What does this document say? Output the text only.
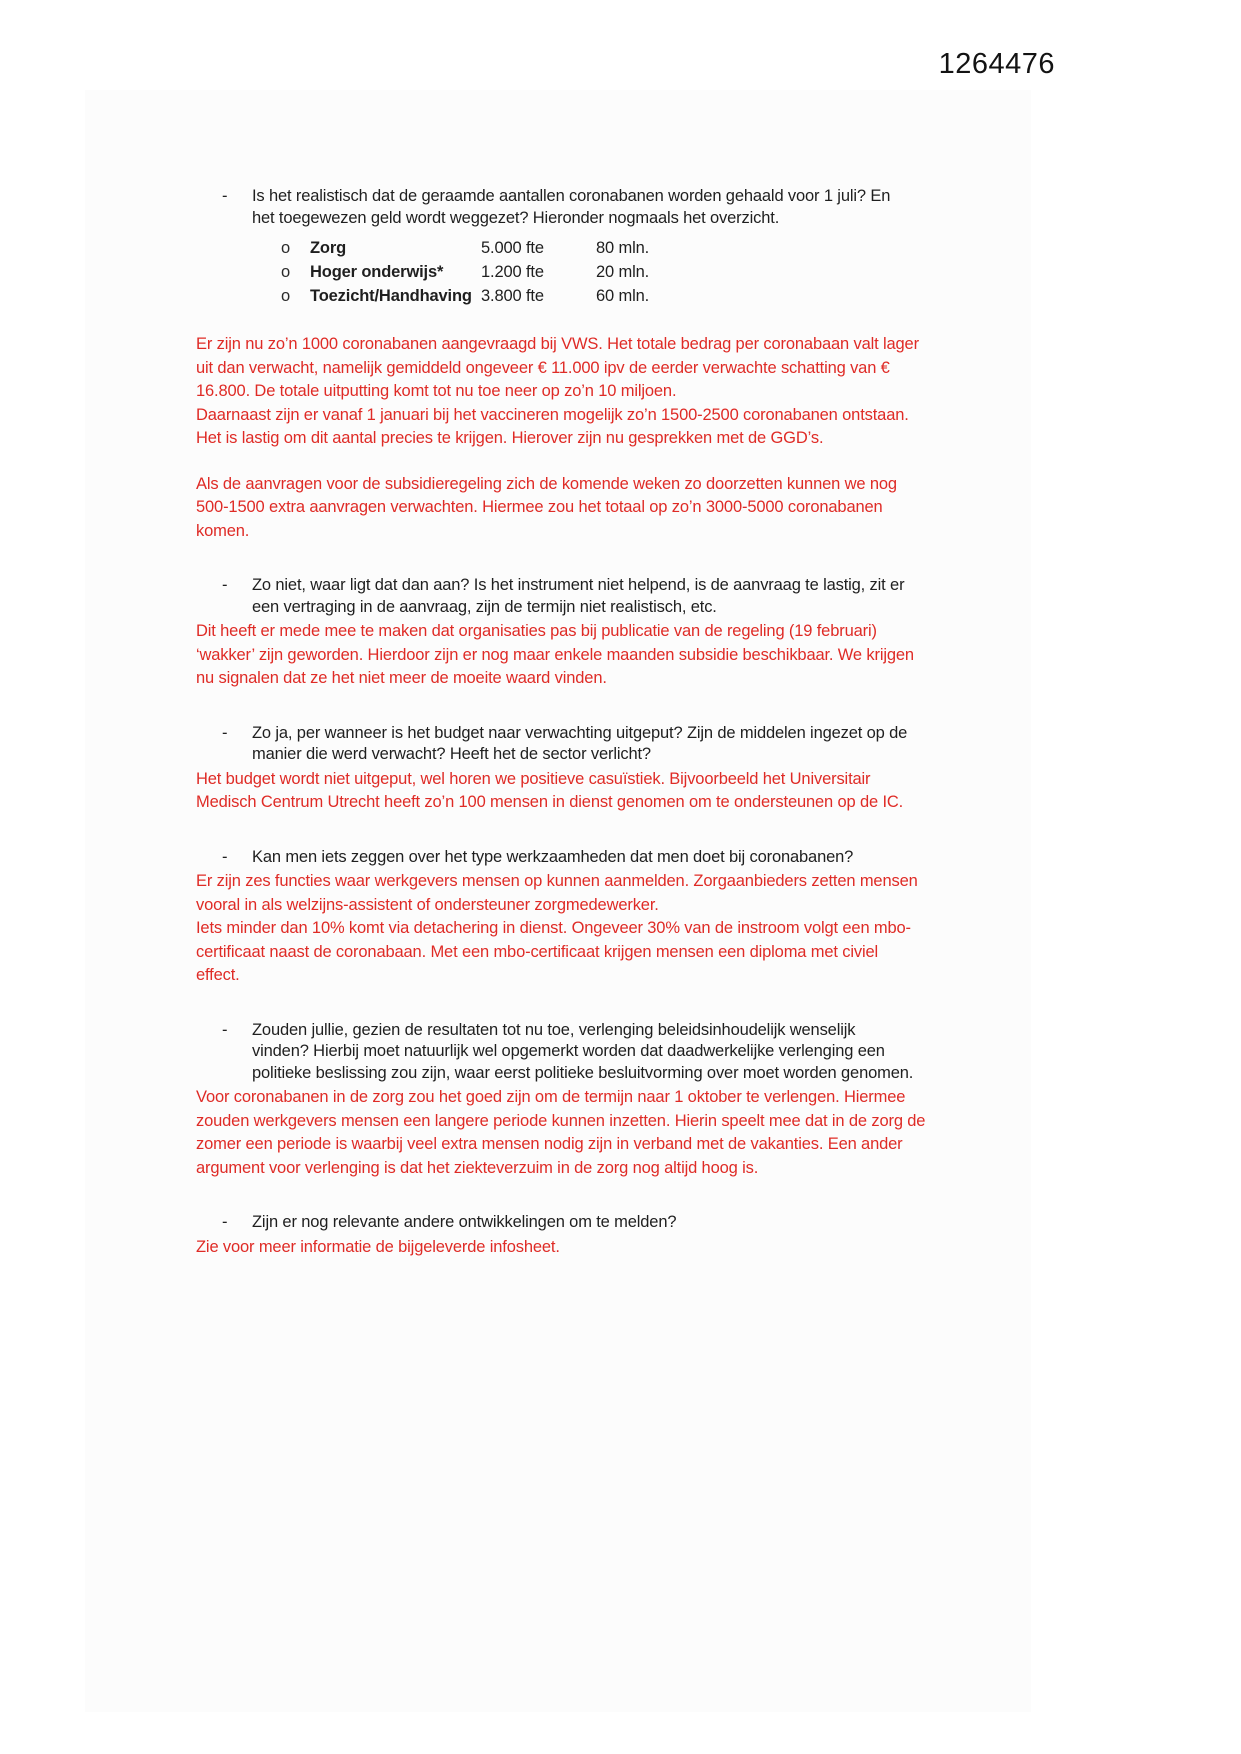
1264476
-	Is het realistisch dat de geraamde aantallen coronabanen worden gehaald voor 1 juli? En het toegewezen geld wordt weggezet? Hieronder nogmaals het overzicht.
o	Zorg	5.000 fte	80 mln.
o	Hoger onderwijs*	1.200 fte	20 mln.
o	Toezicht/Handhaving 3.800 fte	60 mln.
Er zijn nu zo’n 1000 coronabanen aangevraagd bij VWS. Het totale bedrag per coronabaan valt lager uit dan verwacht, namelijk gemiddeld ongeveer € 11.000 ipv de eerder verwachte schatting van € 16.800. De totale uitputting komt tot nu toe neer op zo’n 10 miljoen.
Daarnaast zijn er vanaf 1 januari bij het vaccineren mogelijk zo’n 1500-2500 coronabanen ontstaan. Het is lastig om dit aantal precies te krijgen. Hierover zijn nu gesprekken met de GGD’s.
Als de aanvragen voor de subsidieregeling zich de komende weken zo doorzetten kunnen we nog 500-1500 extra aanvragen verwachten. Hiermee zou het totaal op zo’n 3000-5000 coronabanen komen.
-	Zo niet, waar ligt dat dan aan? Is het instrument niet helpend, is de aanvraag te lastig, zit er een vertraging in de aanvraag, zijn de termijn niet realistisch, etc.
Dit heeft er mede mee te maken dat organisaties pas bij publicatie van de regeling (19 februari) ‘wakker’ zijn geworden. Hierdoor zijn er nog maar enkele maanden subsidie beschikbaar. We krijgen nu signalen dat ze het niet meer de moeite waard vinden.
-	Zo ja, per wanneer is het budget naar verwachting uitgeput? Zijn de middelen ingezet op de manier die werd verwacht? Heeft het de sector verlicht?
Het budget wordt niet uitgeput, wel horen we positieve casuïstiek. Bijvoorbeeld het Universitair Medisch Centrum Utrecht heeft zo’n 100 mensen in dienst genomen om te ondersteunen op de IC.
-	Kan men iets zeggen over het type werkzaamheden dat men doet bij coronabanen?
Er zijn zes functies waar werkgevers mensen op kunnen aanmelden. Zorgaanbieders zetten mensen vooral in als welzijns-assistent of ondersteuner zorgmedewerker.
Iets minder dan 10% komt via detachering in dienst. Ongeveer 30% van de instroom volgt een mbo-certificaat naast de coronabaan. Met een mbo-certificaat krijgen mensen een diploma met civiel effect.
-	Zouden jullie, gezien de resultaten tot nu toe, verlenging beleidsinhoudelijk wenselijk vinden? Hierbij moet natuurlijk wel opgemerkt worden dat daadwerkelijke verlenging een politieke beslissing zou zijn, waar eerst politieke besluitvorming over moet worden genomen.
Voor coronabanen in de zorg zou het goed zijn om de termijn naar 1 oktober te verlengen. Hiermee zouden werkgevers mensen een langere periode kunnen inzetten. Hierin speelt mee dat in de zorg de zomer een periode is waarbij veel extra mensen nodig zijn in verband met de vakanties. Een ander argument voor verlenging is dat het ziekteverzuim in de zorg nog altijd hoog is.
-	Zijn er nog relevante andere ontwikkelingen om te melden?
Zie voor meer informatie de bijgeleverde infosheet.
